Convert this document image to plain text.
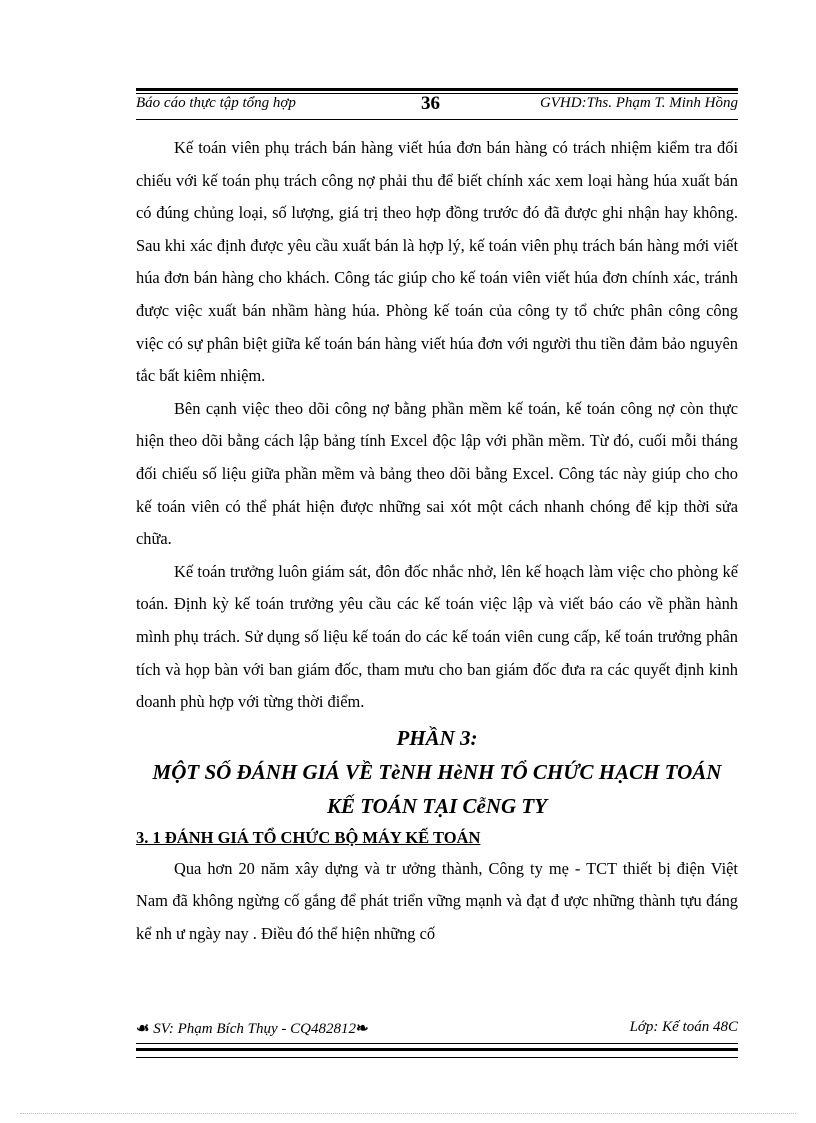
Báo cáo thực tập tổng hợp	36	GVHD:Ths. Phạm T. Minh Hồng

Kế toán viên phụ trách bán hàng viết húa đơn bán hàng có trách nhiệm kiểm tra đối chiếu với kế toán phụ trách công nợ phải thu để biết chính xác xem loại hàng húa xuất bán có đúng chủng loại, số lượng, giá trị theo hợp đồng trước đó đã được ghi nhận hay không. Sau khi xác định được yêu cầu xuất bán là hợp lý, kế toán viên phụ trách bán hàng mới viết húa đơn bán hàng cho khách. Công tác giúp cho kế toán viên viết húa đơn chính xác, tránh được việc xuất bán nhầm hàng húa. Phòng kế toán của công ty tổ chức phân công công việc có sự phân biệt giữa kế toán bán hàng viết húa đơn với người thu tiền đảm bảo nguyên tắc bất kiêm nhiệm.

Bên cạnh việc theo dõi công nợ bằng phần mềm kế toán, kế toán công nợ còn thực hiện theo dõi bằng cách lập bảng tính Excel độc lập với phần mềm. Từ đó, cuối mỗi tháng đối chiếu số liệu giữa phần mềm và bảng theo dõi bằng Excel. Công tác này giúp cho cho kế toán viên có thể phát hiện được những sai xót một cách nhanh chóng để kịp thời sửa chữa.

Kế toán trưởng luôn giám sát, đôn đốc nhắc nhở, lên kế hoạch làm việc cho phòng kế toán. Định kỳ kế toán trưởng yêu cầu các kế toán việc lập và viết báo cáo về phần hành mình phụ trách. Sử dụng số liệu kế toán do các kế toán viên cung cấp, kế toán trưởng phân tích và họp bàn với ban giám đốc, tham mưu cho ban giám đốc đưa ra các quyết định kinh doanh phù hợp với từng thời điểm.

PHẦN 3:

MỘT SỐ ĐÁNH GIÁ VỀ TèNH HèNH TỔ CHỨC HẠCH TOÁN

KẾ TOÁN TẠI CễNG TY

3. 1 ĐÁNH GIÁ TỔ CHỨC BỘ MÁY KẾ TOÁN

Qua hơn 20 năm xây dựng và tr ưởng thành, Công ty mẹ - TCT thiết bị điện Việt Nam đã không ngừng cố gắng để phát triển vững mạnh và đạt đ ược những thành tựu đáng kể nh ư ngày nay . Điều đó thể hiện những cố

☙ SV: Phạm Bích Thụy - CQ482812❧	Lớp: Kế toán 48C
